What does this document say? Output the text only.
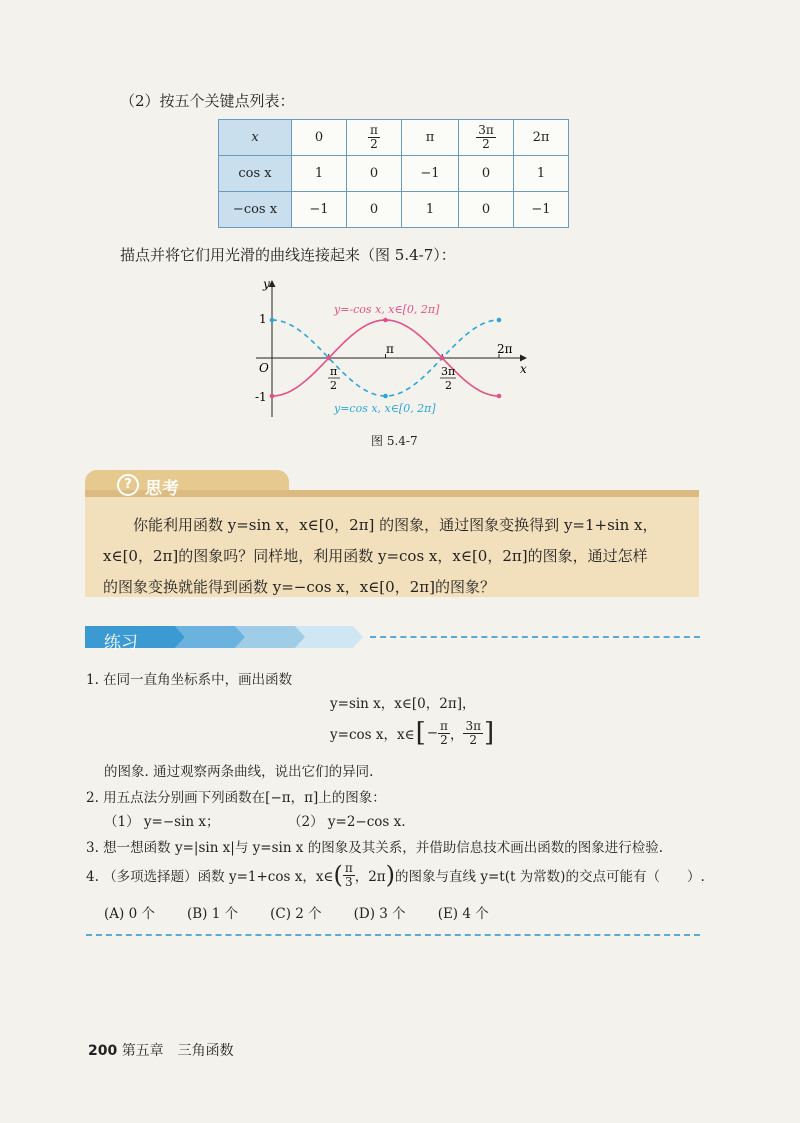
（2）按五个关键点列表：
x	0	$\frac{\pi}{2}$	π	$\frac{3\pi}{2}$	2π
cos x	1	0	−1	0	1
−cos x	−1	0	1	0	−1
描点并将它们用光滑的曲线连接起来（图 5.4-7）：
y
x
O
1
-1
π	2π
π
2
3π
2
y=-cos x, x∈[0, 2π]
y=cos x, x∈[0, 2π]
图 5.4-7
? 思考

你能利用函数 y=sin x，x∈[0，2π] 的图象，通过图象变换得到 y=1+sin x，

x∈[0，2π]的图象吗？同样地，利用函数 y=cos x，x∈[0，2π]的图象，通过怎样

的图象变换就能得到函数 y=−cos x，x∈[0，2π]的图象？

练习
1. 在同一直角坐标系中，画出函数
y=sin x，x∈[0，2π]，
y=cos x，x∈ [ − $\frac{\pi}{2}$ ， $\frac{3\pi}{2}$ ]
的图象. 通过观察两条曲线，说出它们的异同.
2. 用五点法分别画下列函数在[−π，π]上的图象：
（1） y=−sin x；	（2） y=2−cos x.
3. 想一想函数 y=|sin x|与 y=sin x 的图象及其关系，并借助信息技术画出函数的图象进行检验.
4. （多项选择题）函数 y=1+cos x，x∈ ( $\frac{\pi}{3}$ ，2π ) 的图象与直线 y=t(t 为常数)的交点可能有（　　）.
(A) 0 个 (B) 1 个 (C) 2 个 (D) 3 个 (E) 4 个
200 第五章　三角函数
